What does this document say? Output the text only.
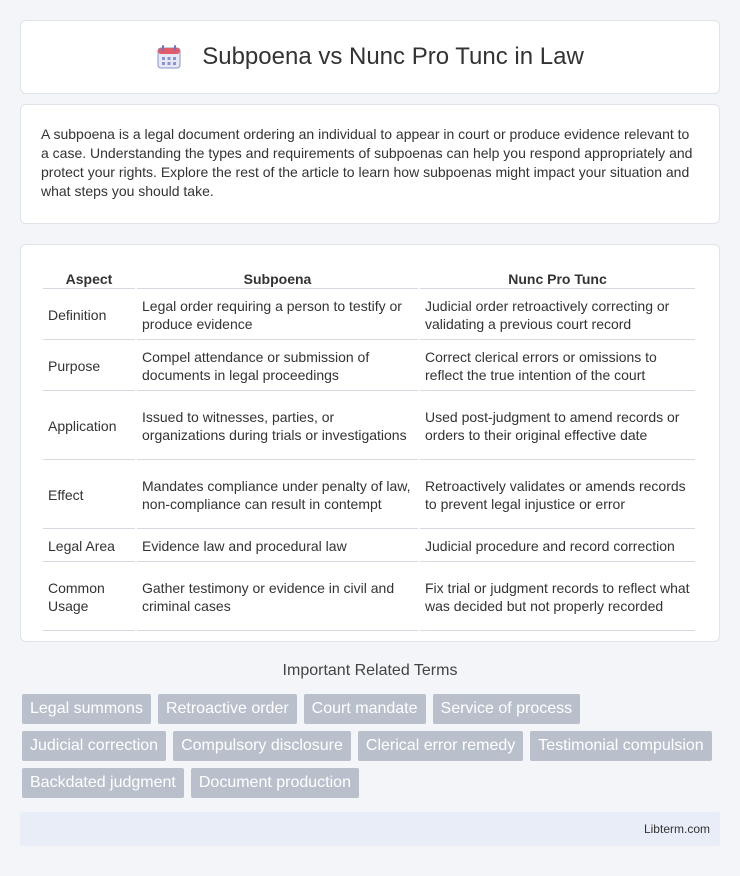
Subpoena vs Nunc Pro Tunc in Law

A subpoena is a legal document ordering an individual to appear in court or produce evidence relevant to a case. Understanding the types and requirements of subpoenas can help you respond appropriately and protect your rights. Explore the rest of the article to learn how subpoenas might impact your situation and what steps you should take.

Aspect	Subpoena	Nunc Pro Tunc
Definition	Legal order requiring a person to testify or produce evidence	Judicial order retroactively correcting or validating a previous court record
Purpose	Compel attendance or submission of documents in legal proceedings	Correct clerical errors or omissions to reflect the true intention of the court
Application	Issued to witnesses, parties, or organizations during trials or investigations	Used post-judgment to amend records or orders to their original effective date
Effect	Mandates compliance under penalty of law, non-compliance can result in contempt	Retroactively validates or amends records to prevent legal injustice or error
Legal Area	Evidence law and procedural law	Judicial procedure and record correction
Common Usage	Gather testimony or evidence in civil and criminal cases	Fix trial or judgment records to reflect what was decided but not properly recorded
Important Related Terms
Legal summons	Retroactive order	Court mandate	Service of process
Judicial correction	Compulsory disclosure	Clerical error remedy	Testimonial compulsion
Backdated judgment	Document production
Libterm.com
